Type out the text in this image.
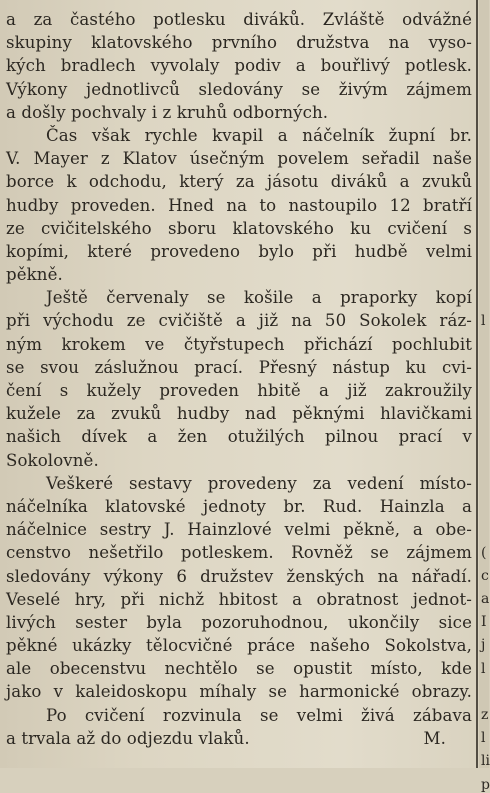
a za častého potlesku diváků. Zvláště odvážné
skupiny klatovského prvního družstva na vyso-
kých bradlech vyvolaly podiv a bouřlivý potlesk.
Výkony jednotlivců sledovány se živým zájmem
a došly pochvaly i z kruhů odborných.
Čas však rychle kvapil a náčelník župní br.
V. Mayer z Klatov úsečným povelem seřadil naše
borce k odchodu, který za jásotu diváků a zvuků
hudby proveden. Hned na to nastoupilo 12 bratří
ze cvičitelského sboru klatovského ku cvičení s
kopími, které provedeno bylo při hudbě velmi
pěkně.
Ještě červenaly se košile a praporky kopí
při východu ze cvičiště a již na 50 Sokolek ráz-
ným krokem ve čtyřstupech přichází pochlubit
se svou záslužnou prací. Přesný nástup ku cvi-
čení s kužely proveden hbitě a již zakroužily
kužele za zvuků hudby nad pěknými hlavičkami
našich dívek a žen otužilých pilnou prací v
Sokolovně.
Veškeré sestavy provedeny za vedení místo-
náčelníka klatovské jednoty br. Rud. Hainzla a
náčelnice sestry J. Hainzlové velmi pěkně, a obe-
censtvo nešetřilo potleskem. Rovněž se zájmem
sledovány výkony 6 družstev ženských na nářadí.
Veselé hry, při nichž hbitost a obratnost jednot-
livých sester byla pozoruhodnou, ukončily sice
pěkné ukázky tělocvičné práce našeho Sokolstva,
ale obecenstvu nechtělo se opustit místo, kde
jako v kaleidoskopu míhaly se harmonické obrazy.
Po cvičení rozvinula se velmi živá zábava
a trvala až do odjezdu vlaků.	M.
l
(
c
a
I
j
l
z
l
li
p
